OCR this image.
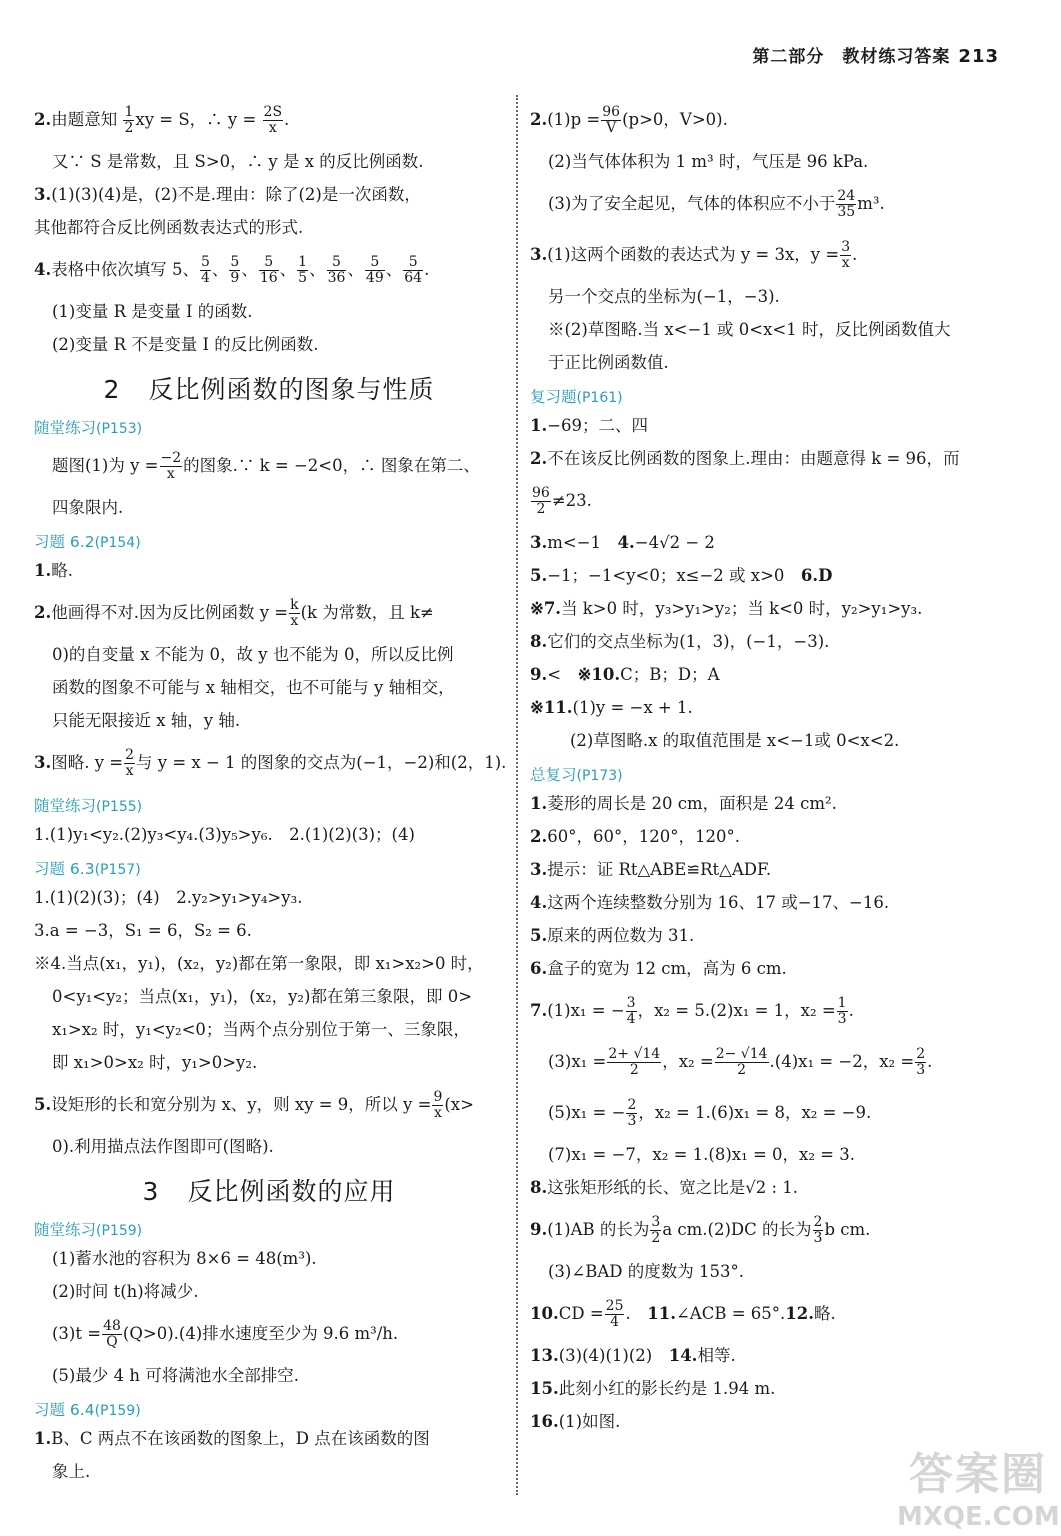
第二部分　教材练习答案 213
2.由题意知 $\frac{1}{2}$ xy = S，∴ $y = \frac{2S}{x}$ .
又∵ S 是常数，且 S>0，∴ y 是 x 的反比例函数.
3.(1)(3)(4)是，(2)不是.理由：除了(2)是一次函数，
其他都符合反比例函数表达式的形式.
4.表格中依次填写 5、 $\frac{5}{4}$ 、 $\frac{5}{9}$ 、 $\frac{5}{16}$ 、 $\frac{1}{5}$ 、 $\frac{5}{36}$ 、 $\frac{5}{49}$ 、 $\frac{5}{64}$ .
(1)变量 R 是变量 I 的函数.
(2)变量 R 不是变量 I 的反比例函数.
2 反比例函数的图象与性质
随堂练习(P153)
题图(1)为 $y = \frac{-2}{x}$ 的图象.∵ k = −2<0，∴ 图象在第二、
四象限内.
习题 6.2(P154)
1.略.
2.他画得不对.因为反比例函数 $y = \frac{k}{x} (k$ 为常数，且 k≠
0)的自变量 x 不能为 0，故 y 也不能为 0，所以反比例
函数的图象不可能与 x 轴相交，也不可能与 y 轴相交，
只能无限接近 x 轴，y 轴.
3.图略. $y = \frac{2}{x}$ 与 y = x − 1 的图象的交点为(−1，−2)和(2，1).
随堂练习(P155)
1.(1)y₁<y₂.(2)y₃<y₄.(3)y₅>y₆.　2.(1)(2)(3)；(4)
习题 6.3(P157)
1.(1)(2)(3)；(4)　2.y₂>y₁>y₄>y₃.
3.a = −3，S₁ = 6，S₂ = 6.
※4.当点(x₁，y₁)，(x₂，y₂)都在第一象限，即 x₁>x₂>0 时，
0<y₁<y₂；当点(x₁，y₁)，(x₂，y₂)都在第三象限，即 0>
x₁>x₂ 时，y₁<y₂<0；当两个点分别位于第一、三象限，
即 x₁>0>x₂ 时，y₁>0>y₂.
5.设矩形的长和宽分别为 x、y，则 xy = 9，所以 $y = \frac{9}{x} (x>$
0).利用描点法作图即可(图略).
3 反比例函数的应用
随堂练习(P159)
(1)蓄水池的容积为 8×6 = 48(m³).
(2)时间 t(h)将减少.
$(3)t = \frac{48}{Q} (Q>0).(4)$排水速度至少为 9.6 m³/h.
(5)最少 4 h 可将满池水全部排空.
习题 6.4(P159)
1.B、C 两点不在该函数的图象上，D 点在该函数的图
象上.
$2.(1)p = \frac{96}{V} (p>0$，V>0).
(2)当气体体积为 1 m³ 时，气压是 96 kPa.
(3)为了安全起见，气体的体积应不小于 $\frac{24}{35} m^3$.
3.(1)这两个函数的表达式为 y = 3x，$y = \frac{3}{x}$ .
另一个交点的坐标为(−1，−3).
※(2)草图略.当 x<−1 或 0<x<1 时，反比例函数值大
于正比例函数值.
复习题(P161)
1.−69；二、四
2.不在该反比例函数的图象上.理由：由题意得 k = 96，而
$\frac{96}{2} \ne 23$.
3.m<−1　 4.−4√2 − 2
5.−1；−1<y<0；x≤−2 或 x>0　 6.D
※7.当 k>0 时，y₃>y₁>y₂；当 k<0 时，y₂>y₁>y₃.
8.它们的交点坐标为(1，3)，(−1，−3).
9.<　 ※10.C；B；D；A
※11.(1)y = −x + 1.
(2)草图略.x 的取值范围是 x<−1或 0<x<2.
总复习(P173)
1.菱形的周长是 20 cm，面积是 24 cm².
2.60°，60°，120°，120°.
3.提示：证 Rt△ABE≌Rt△ADF.
4.这两个连续整数分别为 16、17 或−17、−16.
5.原来的两位数为 31.
6.盒子的宽为 12 cm，高为 6 cm.
7.(1)x₁ = − $\frac{3}{4}$ ，x₂ = 5.(2)x₁ = 1，$x_2 = \frac{1}{3}$ .
$(3)x_1 = \frac{2+ √14}{2}$ ，$x_2 = \frac{2- √14}{2} .(4)x_1 = -2$，$x_2 = \frac{2}{3}$ .
(5)x₁ = − $\frac{2}{3}$ ，x₂ = 1.(6)x₁ = 8，x₂ = −9.
(7)x₁ = −7，x₂ = 1.(8)x₁ = 0，x₂ = 3.
8.这张矩形纸的长、宽之比是√2 : 1.
9.(1)AB 的长为 $\frac{3}{2}$ a cm.(2)DC 的长为 $\frac{2}{3}$ b cm.
(3)∠BAD 的度数为 153°.
$10.CD = \frac{25}{4}$ .　 11.∠ACB = 65°.12.略.
13.(3)(4)(1)(2)　 14.相等.
15.此刻小红的影长约是 1.94 m.
16.(1)如图.
答案圈
MXQE.COM
